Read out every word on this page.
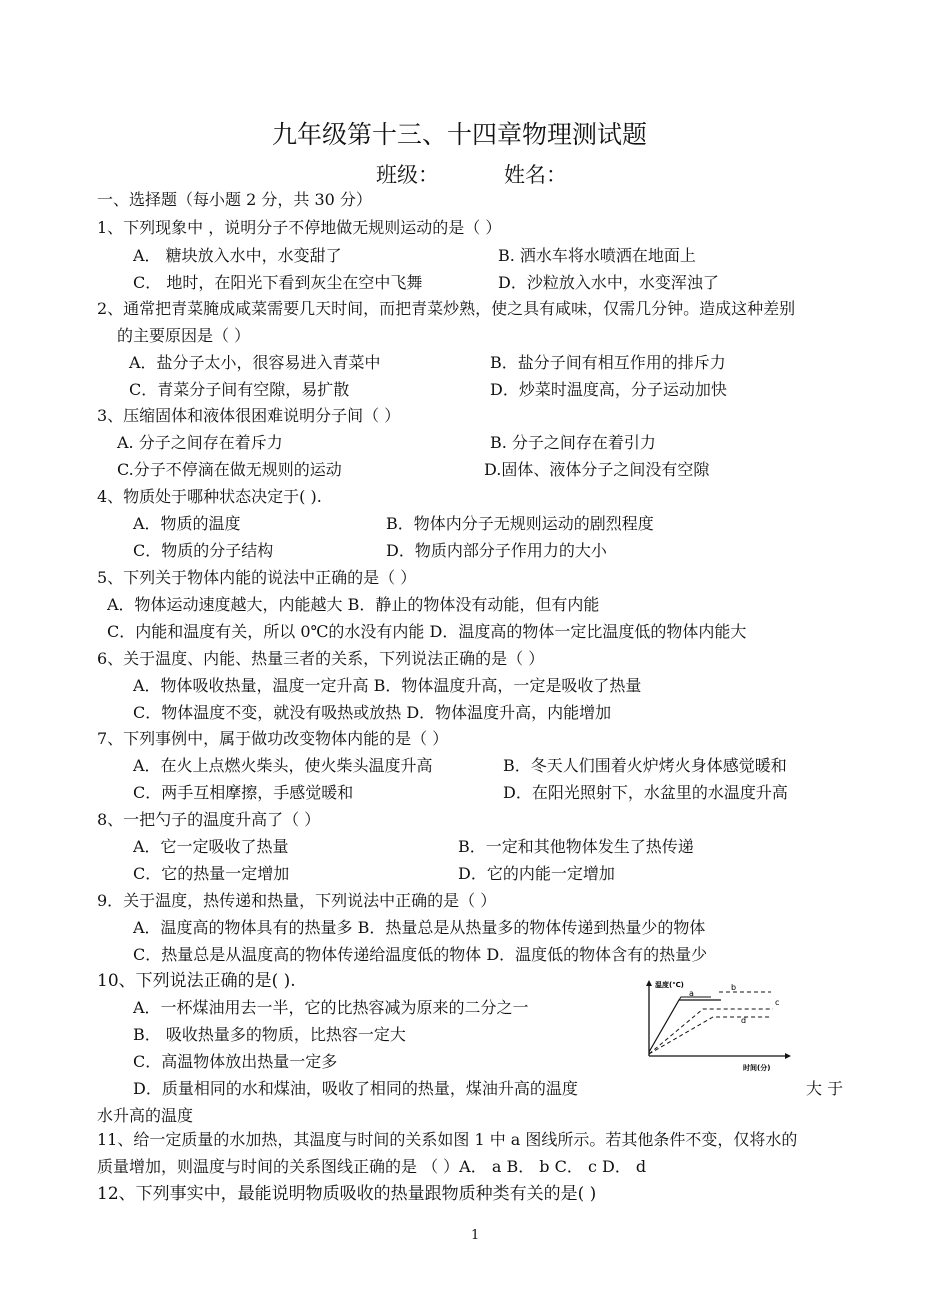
九年级第十三、十四章物理测试题
班级：	姓名：
一、选择题（每小题 2 分，共 30 分）
1、下列现象中 ，说明分子不停地做无规则运动的是（ ）
A． 糖块放入水中，水变甜了	B. 洒水车将水喷洒在地面上
C． 地时，在阳光下看到灰尘在空中飞舞	D．沙粒放入水中，水变浑浊了
2、通常把青菜腌成咸菜需要几天时间，而把青菜炒熟，使之具有咸味，仅需几分钟。造成这种差别
的主要原因是（ ）
A．盐分子太小，很容易进入青菜中	B．盐分子间有相互作用的排斥力
C．青菜分子间有空隙，易扩散	D．炒菜时温度高，分子运动加快
3、压缩固体和液体很困难说明分子间（ ）
A. 分子之间存在着斥力	B. 分子之间存在着引力
C.分子不停滴在做无规则的运动	D.固体、液体分子之间没有空隙
4、物质处于哪种状态决定于( ).
A．物质的温度	B．物体内分子无规则运动的剧烈程度
C．物质的分子结构	D．物质内部分子作用力的大小
5、下列关于物体内能的说法中正确的是（ ）
A．物体运动速度越大，内能越大 B．静止的物体没有动能，但有内能
C．内能和温度有关，所以 0℃的水没有内能 D．温度高的物体一定比温度低的物体内能大
6、关于温度、内能、热量三者的关系，下列说法正确的是（ ）
A．物体吸收热量，温度一定升高 B．物体温度升高，一定是吸收了热量
C．物体温度不变，就没有吸热或放热 D．物体温度升高，内能增加
7、下列事例中，属于做功改变物体内能的是（ ）
A．在火上点燃火柴头，使火柴头温度升高	B．冬天人们围着火炉烤火身体感觉暖和
C．两手互相摩擦，手感觉暖和	D．在阳光照射下，水盆里的水温度升高
8、一把勺子的温度升高了（ ）
A．它一定吸收了热量	B．一定和其他物体发生了热传递
C．它的热量一定增加	D．它的内能一定增加
9．关于温度，热传递和热量，下列说法中正确的是（ ）
A．温度高的物体具有的热量多 B．热量总是从热量多的物体传递到热量少的物体
C．热量总是从温度高的物体传递给温度低的物体 D．温度低的物体含有的热量少
10、下列说法正确的是( ).
A．一杯煤油用去一半，它的比热容减为原来的二分之一
B． 吸收热量多的物质，比热容一定大
C．高温物体放出热量一定多
D．质量相同的水和煤油，吸收了相同的热量，煤油升高的温度	大 于
水升高的温度
温度(℃)
时间(分)
a
b
c
d
11、给一定质量的水加热，其温度与时间的关系如图 1 中 a 图线所示。若其他条件不变，仅将水的
质量增加，则温度与时间的关系图线正确的是 （ ）A． a B． b C． c D． d
12、下列事实中，最能说明物质吸收的热量跟物质种类有关的是( )
1
